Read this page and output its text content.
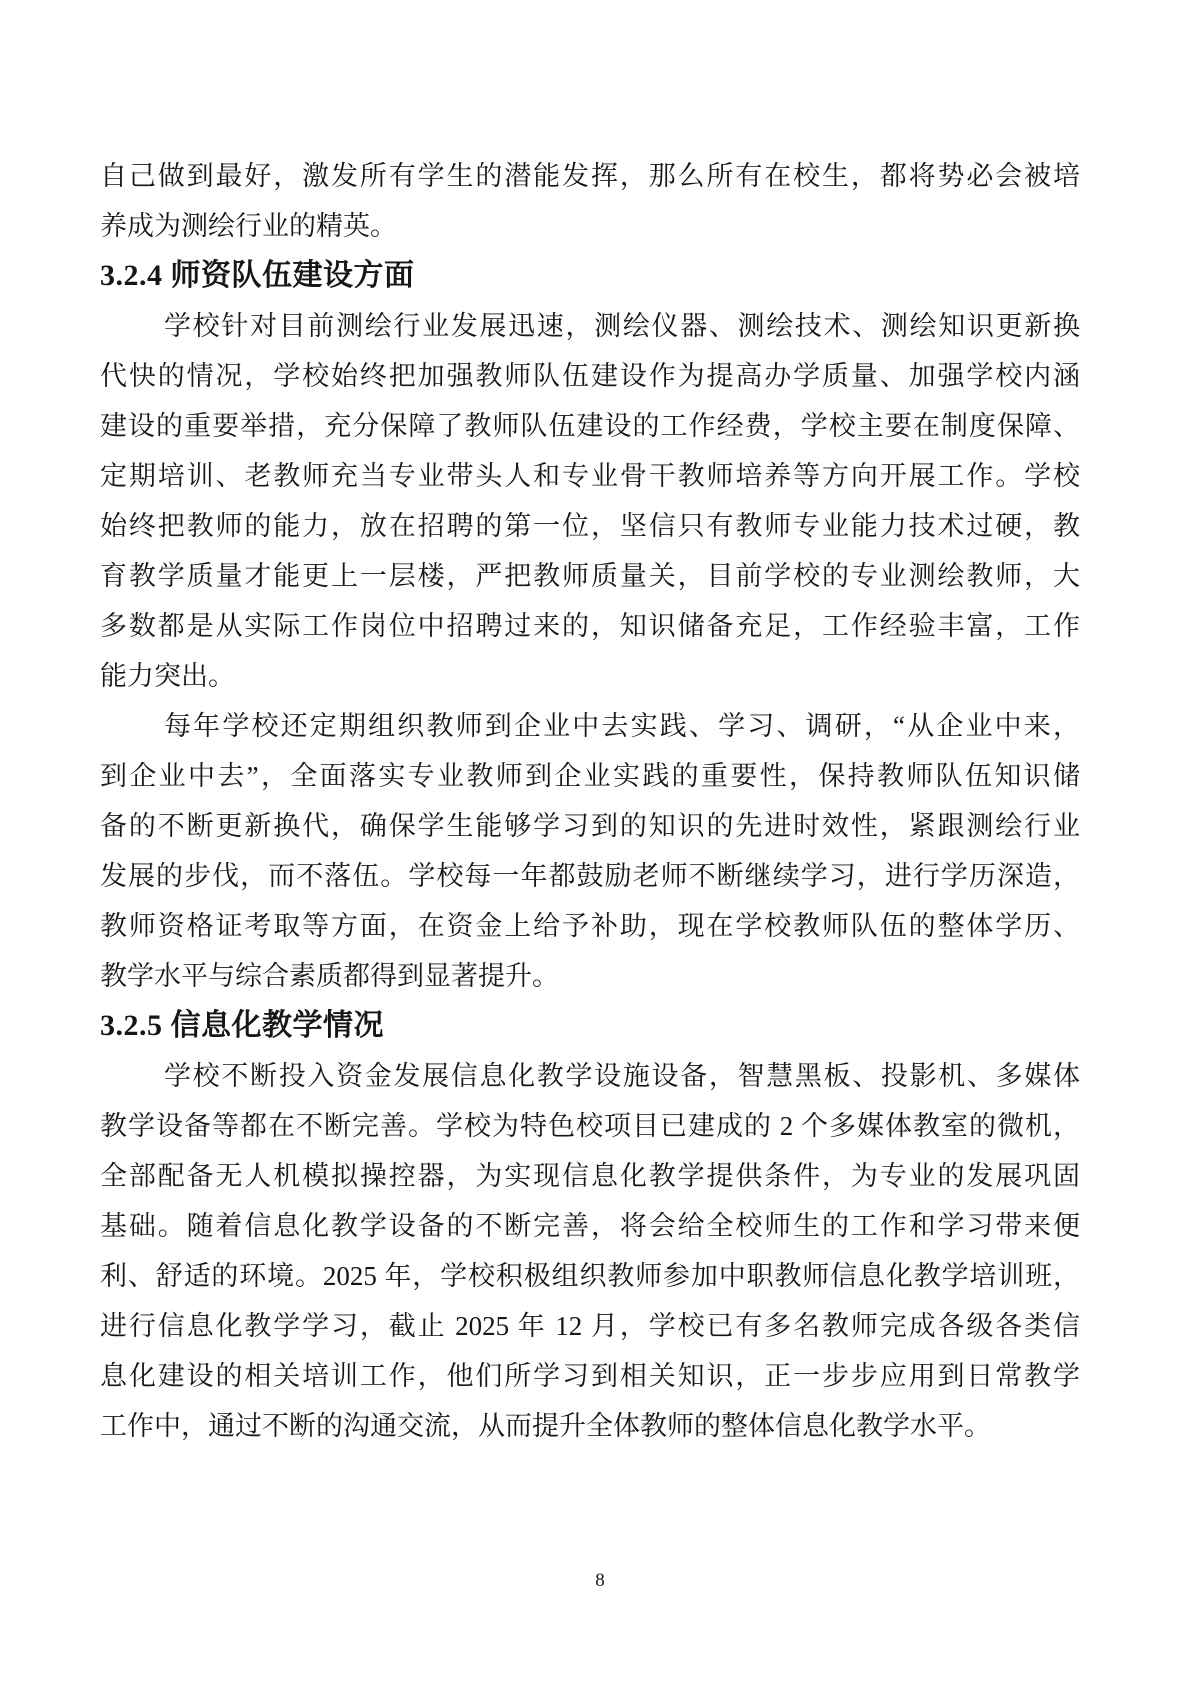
自己做到最好，激发所有学生的潜能发挥，那么所有在校生，都将势必会被培
养成为测绘行业的精英。
3.2.4 师资队伍建设方面
学校针对目前测绘行业发展迅速，测绘仪器、测绘技术、测绘知识更新换
代快的情况，学校始终把加强教师队伍建设作为提高办学质量、加强学校内涵
建设的重要举措，充分保障了教师队伍建设的工作经费，学校主要在制度保障、
定期培训、老教师充当专业带头人和专业骨干教师培养等方向开展工作。学校
始终把教师的能力，放在招聘的第一位，坚信只有教师专业能力技术过硬，教
育教学质量才能更上一层楼，严把教师质量关，目前学校的专业测绘教师，大
多数都是从实际工作岗位中招聘过来的，知识储备充足，工作经验丰富，工作
能力突出。
每年学校还定期组织教师到企业中去实践、学习、调研，“从企业中来，
到企业中去”，全面落实专业教师到企业实践的重要性，保持教师队伍知识储
备的不断更新换代，确保学生能够学习到的知识的先进时效性，紧跟测绘行业
发展的步伐，而不落伍。学校每一年都鼓励老师不断继续学习，进行学历深造，
教师资格证考取等方面，在资金上给予补助，现在学校教师队伍的整体学历、
教学水平与综合素质都得到显著提升。
3.2.5 信息化教学情况
学校不断投入资金发展信息化教学设施设备，智慧黑板、投影机、多媒体
教学设备等都在不断完善。学校为特色校项目已建成的 2 个多媒体教室的微机，
全部配备无人机模拟操控器，为实现信息化教学提供条件，为专业的发展巩固
基础。随着信息化教学设备的不断完善，将会给全校师生的工作和学习带来便
利、舒适的环境。2025 年，学校积极组织教师参加中职教师信息化教学培训班，
进行信息化教学学习，截止 2025 年 12 月，学校已有多名教师完成各级各类信
息化建设的相关培训工作，他们所学习到相关知识，正一步步应用到日常教学
工作中，通过不断的沟通交流，从而提升全体教师的整体信息化教学水平。
8
